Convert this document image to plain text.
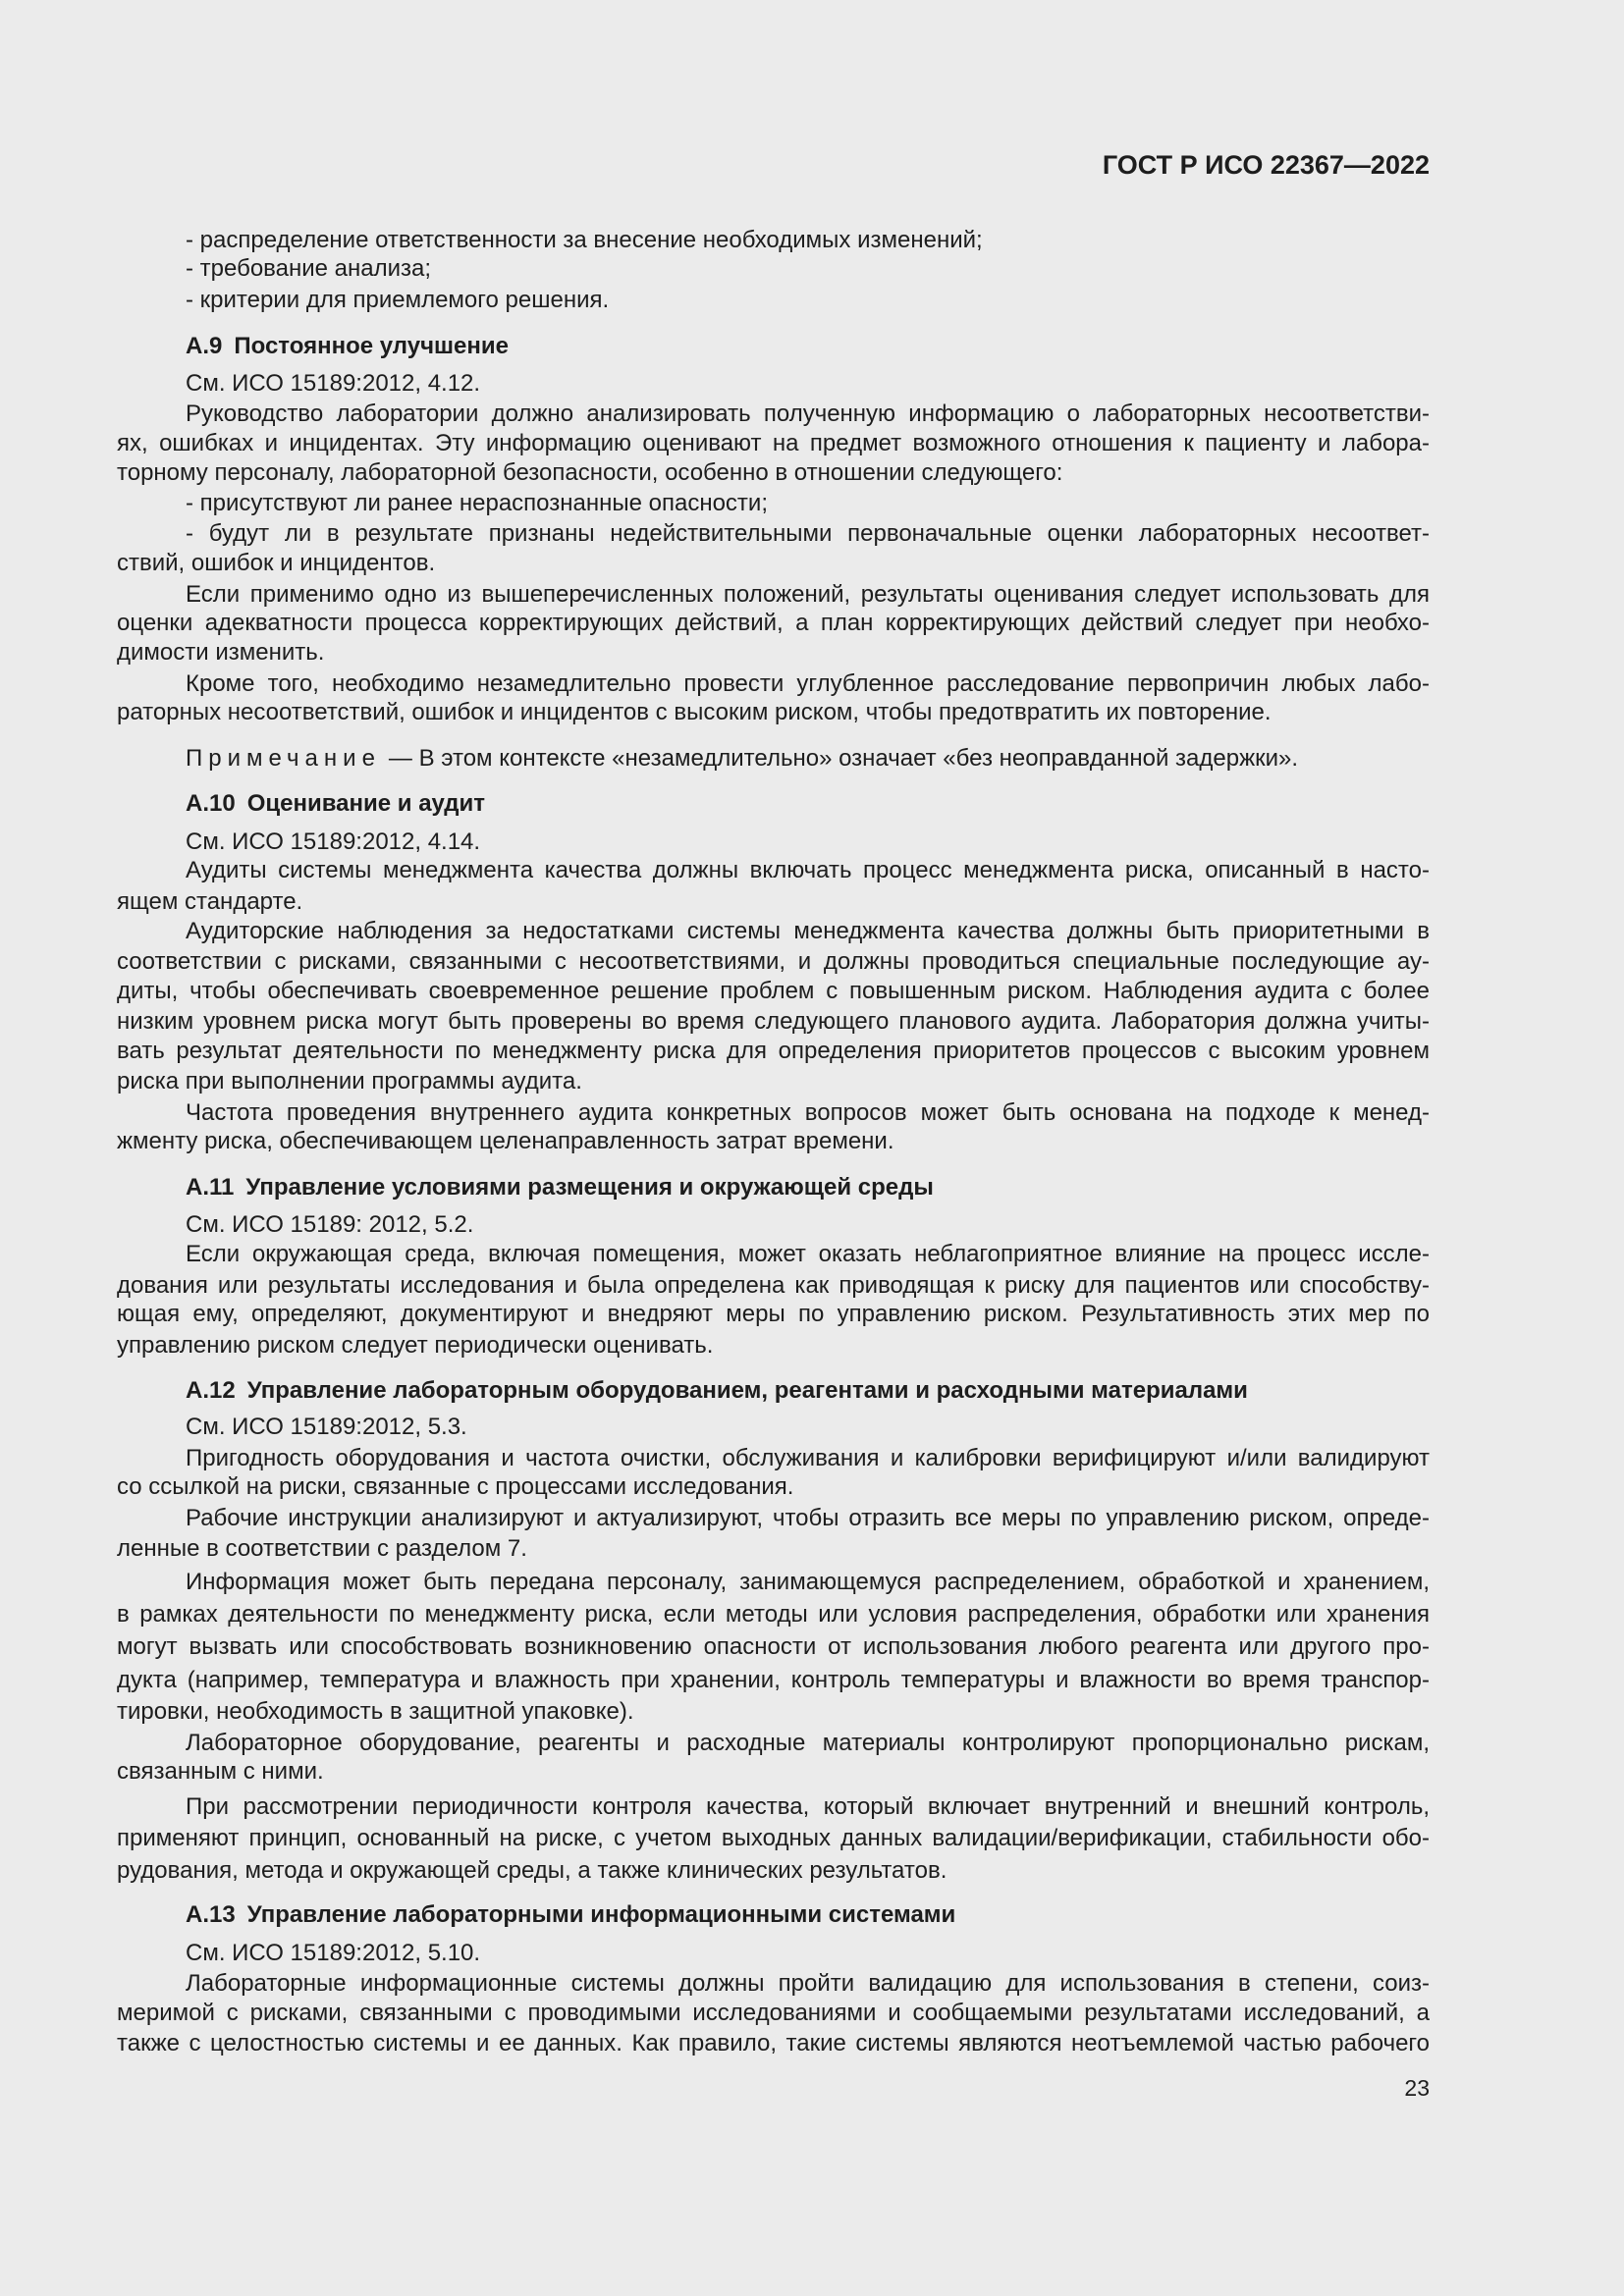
ГОСТ Р ИСО 22367—2022
- распределение ответственности за внесение необходимых изменений;
- требование анализа;
- критерии для приемлемого решения.
А.9 Постоянное улучшение
См. ИСО 15189:2012, 4.12.
Руководство лаборатории должно анализировать полученную информацию о лабораторных несоответстви-
ях, ошибках и инцидентах. Эту информацию оценивают на предмет возможного отношения к пациенту и лабора-
торному персоналу, лабораторной безопасности, особенно в отношении следующего:
- присутствуют ли ранее нераспознанные опасности;
- будут ли в результате признаны недействительными первоначальные оценки лабораторных несоответ-
ствий, ошибок и инцидентов.
Если применимо одно из вышеперечисленных положений, результаты оценивания следует использовать для
оценки адекватности процесса корректирующих действий, а план корректирующих действий следует при необхо-
димости изменить.
Кроме того, необходимо незамедлительно провести углубленное расследование первопричин любых лабо-
раторных несоответствий, ошибок и инцидентов с высоким риском, чтобы предотвратить их повторение.
Примечание — В этом контексте «незамедлительно» означает «без неоправданной задержки».
А.10 Оценивание и аудит
См. ИСО 15189:2012, 4.14.
Аудиты системы менеджмента качества должны включать процесс менеджмента риска, описанный в насто-
ящем стандарте.
Аудиторские наблюдения за недостатками системы менеджмента качества должны быть приоритетными в
соответствии с рисками, связанными с несоответствиями, и должны проводиться специальные последующие ау-
диты, чтобы обеспечивать своевременное решение проблем с повышенным риском. Наблюдения аудита с более
низким уровнем риска могут быть проверены во время следующего планового аудита. Лаборатория должна учиты-
вать результат деятельности по менеджменту риска для определения приоритетов процессов с высоким уровнем
риска при выполнении программы аудита.
Частота проведения внутреннего аудита конкретных вопросов может быть основана на подходе к менед-
жменту риска, обеспечивающем целенаправленность затрат времени.
А.11 Управление условиями размещения и окружающей среды
См. ИСО 15189: 2012, 5.2.
Если окружающая среда, включая помещения, может оказать неблагоприятное влияние на процесс иссле-
дования или результаты исследования и была определена как приводящая к риску для пациентов или способству-
ющая ему, определяют, документируют и внедряют меры по управлению риском. Результативность этих мер по
управлению риском следует периодически оценивать.
А.12 Управление лабораторным оборудованием, реагентами и расходными материалами
См. ИСО 15189:2012, 5.3.
Пригодность оборудования и частота очистки, обслуживания и калибровки верифицируют и/или валидируют
со ссылкой на риски, связанные с процессами исследования.
Рабочие инструкции анализируют и актуализируют, чтобы отразить все меры по управлению риском, опреде-
ленные в соответствии с разделом 7.
Информация может быть передана персоналу, занимающемуся распределением, обработкой и хранением,
в рамках деятельности по менеджменту риска, если методы или условия распределения, обработки или хранения
могут вызвать или способствовать возникновению опасности от использования любого реагента или другого про-
дукта (например, температура и влажность при хранении, контроль температуры и влажности во время транспор-
тировки, необходимость в защитной упаковке).
Лабораторное оборудование, реагенты и расходные материалы контролируют пропорционально рискам,
связанным с ними.
При рассмотрении периодичности контроля качества, который включает внутренний и внешний контроль,
применяют принцип, основанный на риске, с учетом выходных данных валидации/верификации, стабильности обо-
рудования, метода и окружающей среды, а также клинических результатов.
А.13 Управление лабораторными информационными системами
См. ИСО 15189:2012, 5.10.
Лабораторные информационные системы должны пройти валидацию для использования в степени, соиз-
меримой с рисками, связанными с проводимыми исследованиями и сообщаемыми результатами исследований, а
также с целостностью системы и ее данных. Как правило, такие системы являются неотъемлемой частью рабочего
23
